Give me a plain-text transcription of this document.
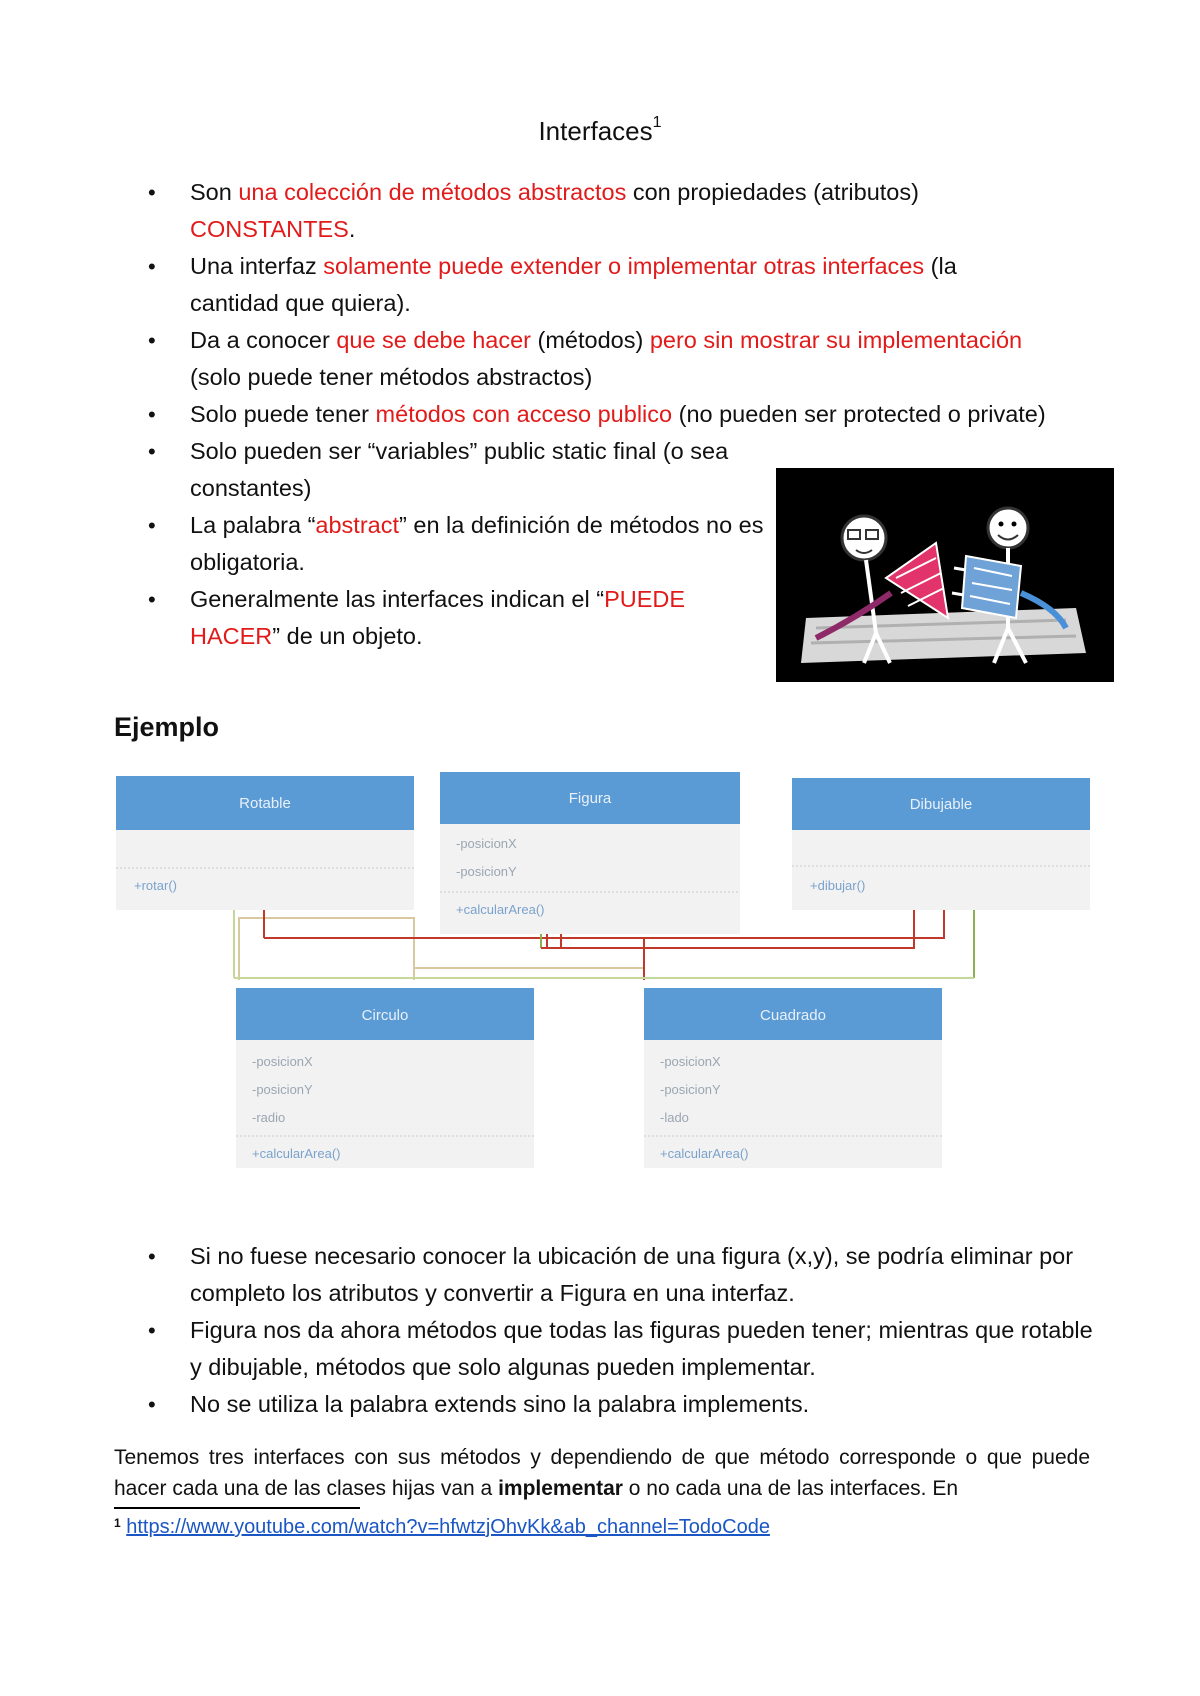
Interfaces$^1$
• Son una colección de métodos abstractos con propiedades (atributos) CONSTANTES.
• Una interfaz solamente puede extender o implementar otras interfaces (la cantidad que quiera).
• Da a conocer que se debe hacer (métodos) pero sin mostrar su implementación (solo puede tener métodos abstractos)
• Solo puede tener métodos con acceso publico (no pueden ser protected o private)
• Solo pueden ser “variables” public static final (o sea constantes)
• La palabra “abstract” en la definición de métodos no es obligatoria.
• Generalmente las interfaces indican el “PUEDE HACER” de un objeto.
Ejemplo
Rotable
+rotar()
Figura
-posicionX
-posicionY
+calcularArea()
Dibujable
+dibujar()
Circulo
-posicionX
-posicionY
-radio
+calcularArea()
Cuadrado
-posicionX
-posicionY
-lado
+calcularArea()
• Si no fuese necesario conocer la ubicación de una figura (x,y), se podría eliminar por completo los atributos y convertir a Figura en una interfaz.
• Figura nos da ahora métodos que todas las figuras pueden tener; mientras que rotable y dibujable, métodos que solo algunas pueden implementar.
• No se utiliza la palabra extends sino la palabra implements.
Tenemos tres interfaces con sus métodos y dependiendo de que método corresponde o que puede hacer cada una de las clases hijas van a implementar o no cada una de las interfaces. En
$^1$ https://www.youtube.com/watch?v=hfwtzjOhvKk&ab_channel=TodoCode
